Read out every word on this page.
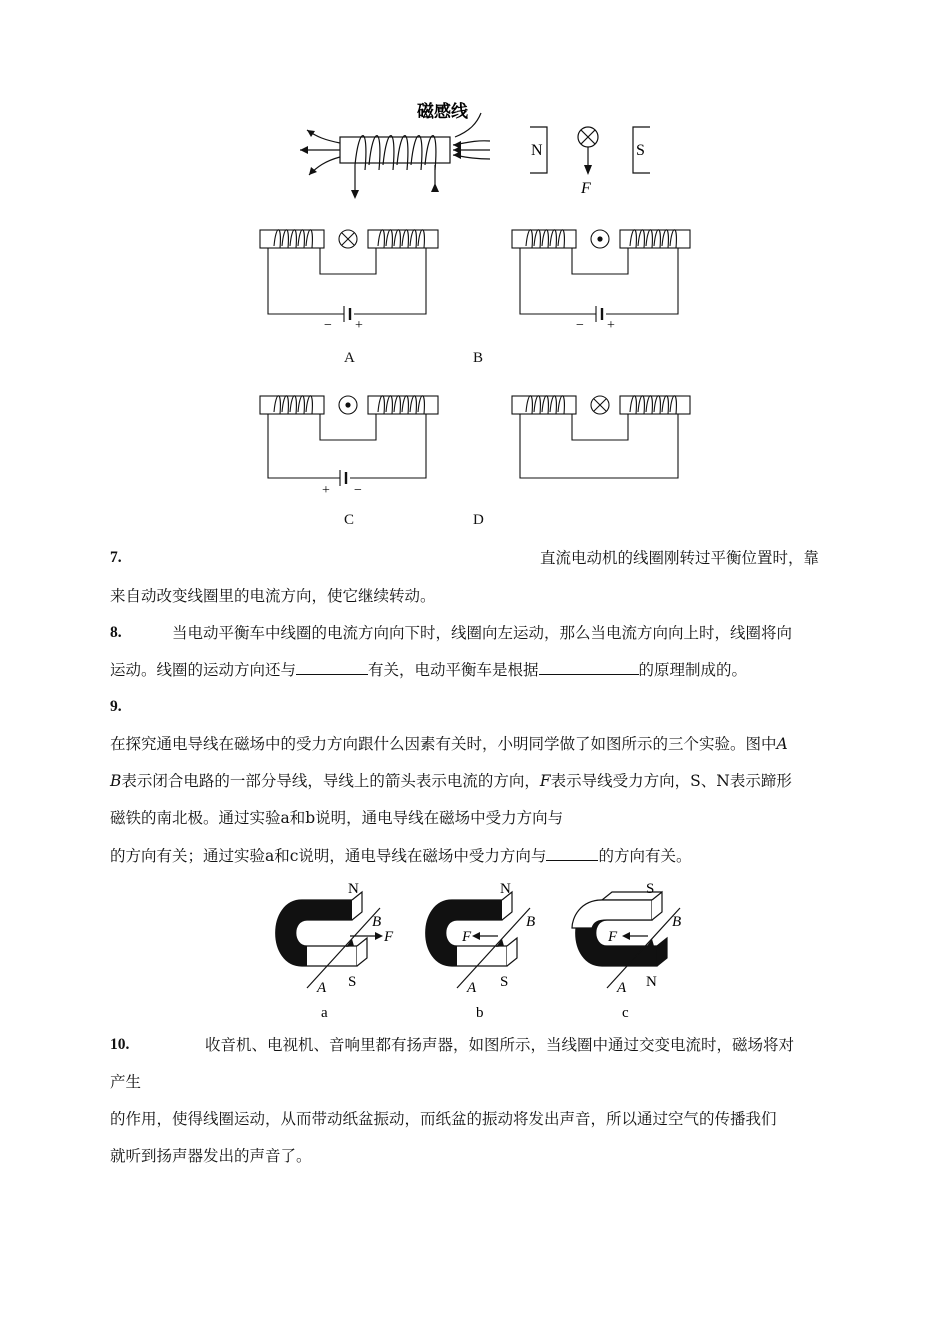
磁感线
N	S
F
− +
A
− +
B
+ −
C	D
7.	直流电动机的线圈刚转过平衡位置时，靠
来自动改变线圈里的电流方向，使它继续转动。
8.	当电动平衡车中线圈的电流方向向下时，线圈向左运动，那么当电流方向向上时，线圈将向
运动。线圈的运动方向还与	有关，电动平衡车是根据	的原理制成的。
9.
在探究通电导线在磁场中的受力方向跟什么因素有关时，小明同学做了如图所示的三个实验。图中A
B表示闭合电路的一部分导线，导线上的箭头表示电流的方向，F表示导线受力方向，S、N表示蹄形
磁铁的南北极。通过实验a和b说明，通电导线在磁场中受力方向与
的方向有关；通过实验a和c说明，通电导线在磁场中受力方向与	的方向有关。
N
S
B
F
A
a
N
S
B
F
A
b
S
N
B
F
A
c
10.	收音机、电视机、音响里都有扬声器，如图所示，当线圈中通过交变电流时，磁场将对
产生
的作用，使得线圈运动，从而带动纸盆振动，而纸盆的振动将发出声音，所以通过空气的传播我们
就听到扬声器发出的声音了。
